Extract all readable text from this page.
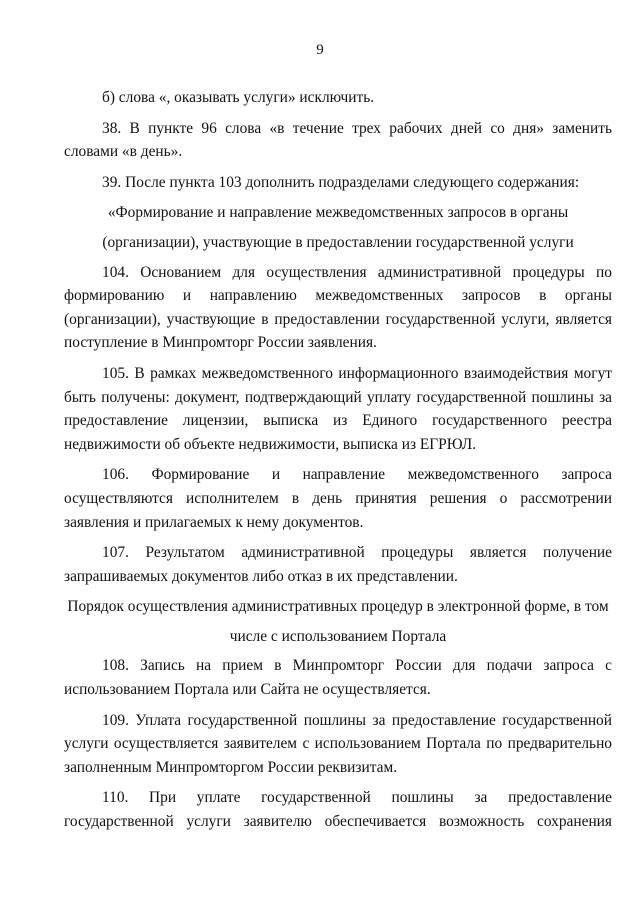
9

б) слова «, оказывать услуги» исключить.

38. В пункте 96 слова «в течение трех рабочих дней со дня» заменить словами «в день».

39. После пункта 103 дополнить подразделами следующего содержания:

«Формирование и направление межведомственных запросов в органы

(организации), участвующие в предоставлении государственной услуги

104. Основанием для осуществления административной процедуры по формированию и направлению межведомственных запросов в органы (организации), участвующие в предоставлении государственной услуги, является поступление в Минпромторг России заявления.

105. В рамках межведомственного информационного взаимодействия могут быть получены: документ, подтверждающий уплату государственной пошлины за предоставление лицензии, выписка из Единого государственного реестра недвижимости об объекте недвижимости, выписка из ЕГРЮЛ.

106. Формирование и направление межведомственного запроса осуществляются исполнителем в день принятия решения о рассмотрении заявления и прилагаемых к нему документов.

107. Результатом административной процедуры является получение запрашиваемых документов либо отказ в их представлении.

Порядок осуществления административных процедур в электронной форме, в том

числе с использованием Портала

108. Запись на прием в Минпромторг России для подачи запроса с использованием Портала или Сайта не осуществляется.

109. Уплата государственной пошлины за предоставление государственной услуги осуществляется заявителем с использованием Портала по предварительно заполненным Минпромторгом России реквизитам.

110. При уплате государственной пошлины за предоставление государственной услуги заявителю обеспечивается возможность сохранения
